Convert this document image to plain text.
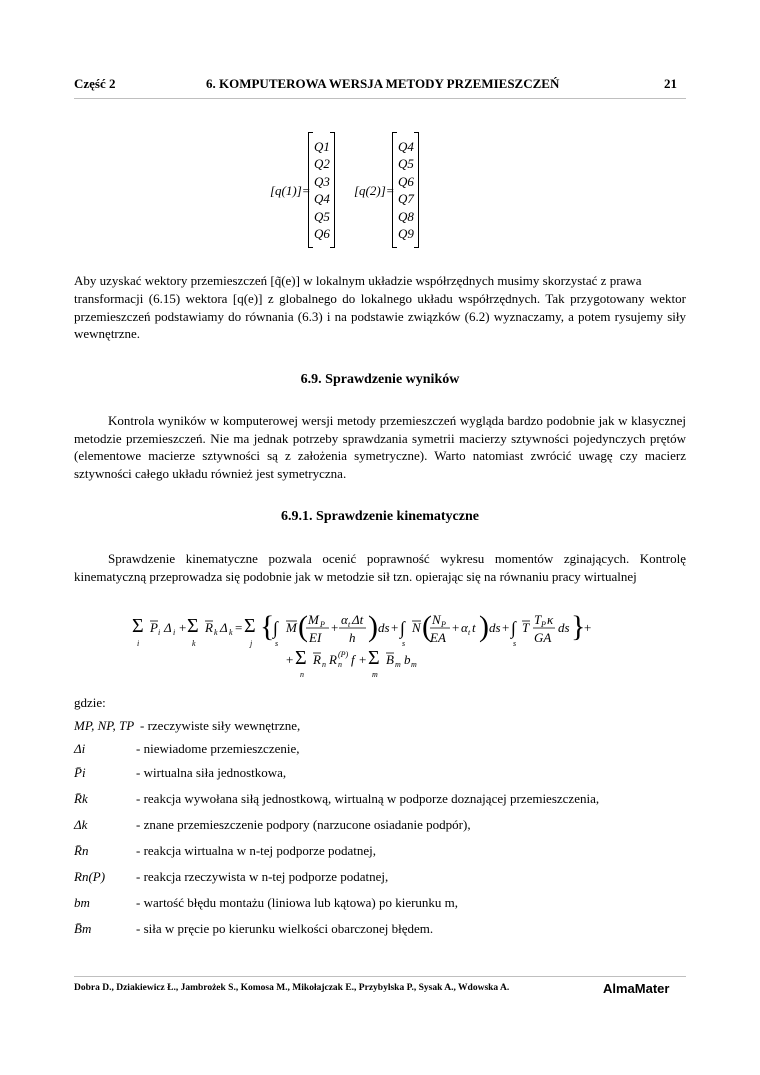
Część 2	6. KOMPUTEROWA WERSJA METODY PRZEMIESZCZEŃ	21
[q(1)]=
Q1
Q2
Q3
Q4
Q5
Q6
[q(2)]=
Q4
Q5
Q6
Q7
Q8
Q9

Aby uzyskać wektory przemieszczeń [q̃(e)] w lokalnym układzie współrzędnych musimy skorzystać z prawa

transformacji (6.15) wektora [q(e)] z globalnego do lokalnego układu współrzędnych. Tak przygotowany wektor przemieszczeń podstawiamy do równania (6.3) i na podstawie związków (6.2) wyznaczamy, a potem rysujemy siły wewnętrzne.

6.9. Sprawdzenie wyników

Kontrola wyników w komputerowej wersji metody przemieszczeń wygląda bardzo podobnie jak w klasycznej metodzie przemieszczeń. Nie ma jednak potrzeby sprawdzania symetrii macierzy sztywności pojedynczych prętów (elementowe macierze sztywności są z założenia symetryczne). Warto natomiast zwrócić uwagę czy macierz sztywności całego układu również jest symetryczna.

6.9.1. Sprawdzenie kinematyczne

Sprawdzenie kinematyczne pozwala ocenić poprawność wykresu momentów zginających. Kontrolę kinematyczną przeprowadza się podobnie jak w metodzie sił tzn. opierając się na równaniu pracy wirtualnej

Σ
i
P i Δ i + Σ
k
R k Δ k = Σ
j
{
∫
s
M ( M P
EI
+
α t Δt
h ) ds + ∫
s
N ( N P
EA
+ α t t ) ds + ∫
s
T
T P κ
GA
ds }
+
+ Σ
n
R n R n
(P) f + Σ
m
B m b m
gdzie:
MP, NP, TP - rzeczywiste siły wewnętrzne,
Δi	- niewiadome przemieszczenie,
P̄i	- wirtualna siła jednostkowa,
R̄k	- reakcja wywołana siłą jednostkową, wirtualną w podporze doznającej przemieszczenia,
Δk	- znane przemieszczenie podpory (narzucone osiadanie podpór),
R̄n	- reakcja wirtualna w n-tej podporze podatnej,
Rn(P) - reakcja rzeczywista w n-tej podporze podatnej,
bm	- wartość błędu montażu (liniowa lub kątowa) po kierunku m,
B̄m	- siła w pręcie po kierunku wielkości obarczonej błędem.
Dobra D., Dziakiewicz Ł., Jambrożek S., Komosa M., Mikołajczak E., Przybylska P., Sysak A., Wdowska A.	AlmaMater
